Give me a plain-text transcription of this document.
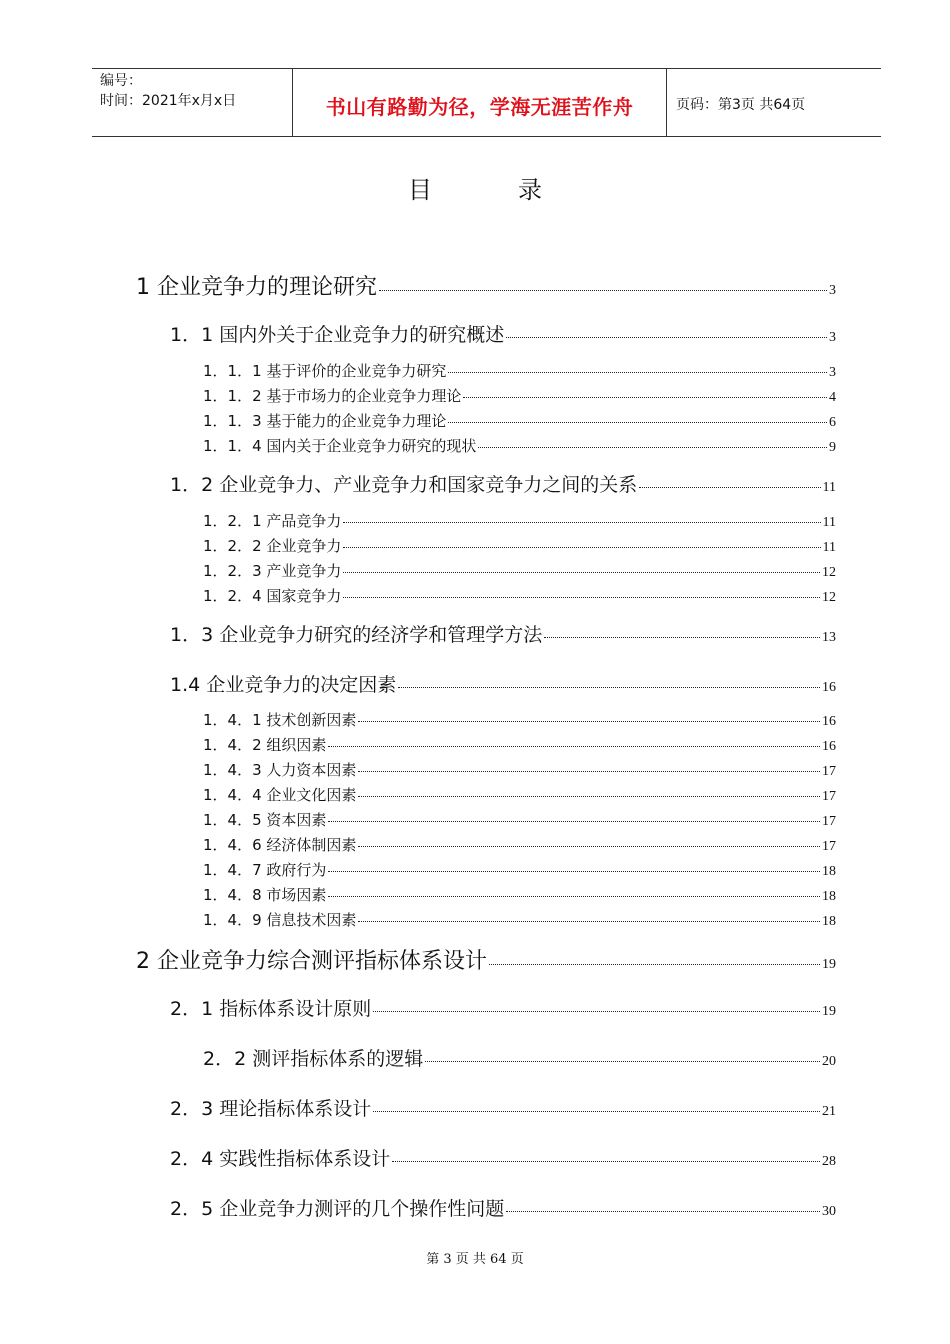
编号：
时间：2021年x月x日	书山有路勤为径，学海无涯苦作舟	页码：第3页 共64页
目录
1 企业竞争力的理论研究	3
1．1 国内外关于企业竞争力的研究概述	3
1．1．1 基于评价的企业竞争力研究	3
1．1．2 基于市场力的企业竞争力理论	4
1．1．3 基于能力的企业竞争力理论	6
1．1．4 国内关于企业竞争力研究的现状	9
1．2 企业竞争力、产业竞争力和国家竞争力之间的关系	11
1．2．1 产品竞争力	11
1．2．2 企业竞争力	11
1．2．3 产业竞争力	12
1．2．4 国家竞争力	12
1．3 企业竞争力研究的经济学和管理学方法	13
1.4 企业竞争力的决定因素	16
1．4．1 技术创新因素	16
1．4．2 组织因素	16
1．4．3 人力资本因素	17
1．4．4 企业文化因素	17
1．4．5 资本因素	17
1．4．6 经济体制因素	17
1．4．7 政府行为	18
1．4．8 市场因素	18
1．4．9 信息技术因素	18
2 企业竞争力综合测评指标体系设计	19
2．1 指标体系设计原则	19
2．2 测评指标体系的逻辑	20
2．3 理论指标体系设计	21
2．4 实践性指标体系设计	28
2．5 企业竞争力测评的几个操作性问题	30
第 3 页 共 64 页
